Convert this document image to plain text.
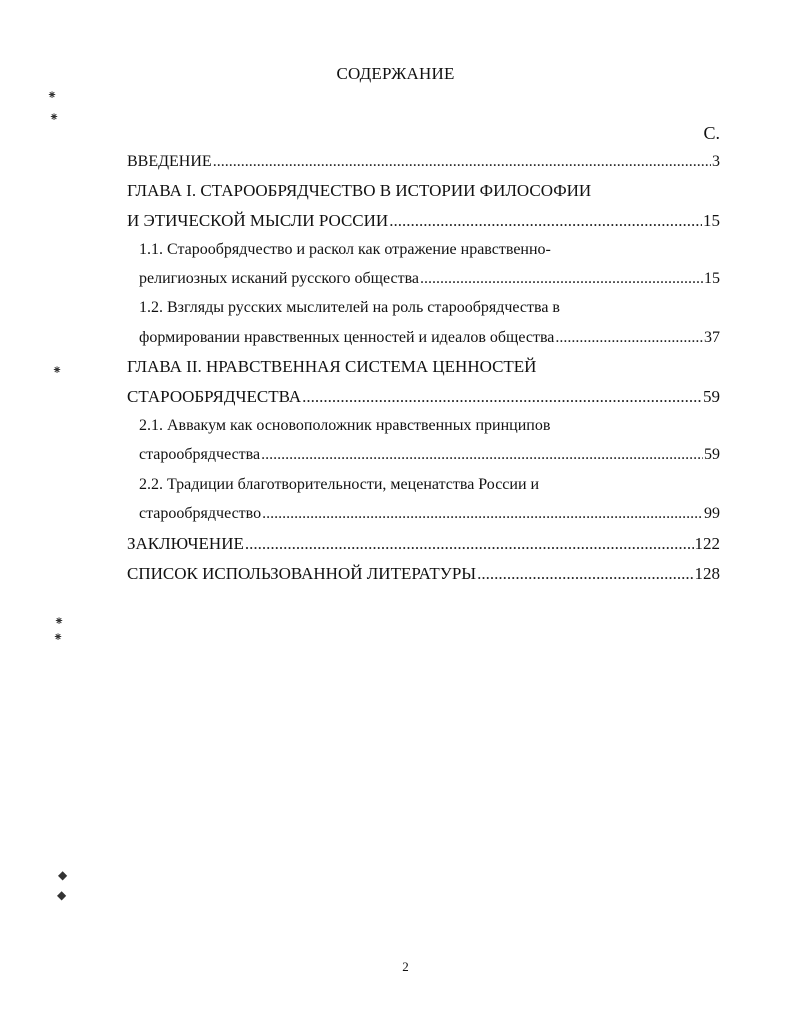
СОДЕРЖАНИЕ
С.
ВВЕДЕНИЕ .....	3
ГЛАВА I. СТАРООБРЯДЧЕСТВО В ИСТОРИИ ФИЛОСОФИИ
И ЭТИЧЕСКОЙ МЫСЛИ РОССИИ .....	15
1.1. Старообрядчество и раскол как отражение нравственно-
религиозных исканий русского общества .....	15
1.2. Взгляды русских мыслителей на роль старообрядчества в
формировании нравственных ценностей и идеалов общества .....	37
ГЛАВА II. НРАВСТВЕННАЯ СИСТЕМА ЦЕННОСТЕЙ
СТАРООБРЯДЧЕСТВА .....	59
2.1. Аввакум как основоположник нравственных принципов
старообрядчества .....	59
2.2. Традиции благотворительности, меценатства России и
старообрядчество .....	99
ЗАКЛЮЧЕНИЕ .....	122
СПИСОК ИСПОЛЬЗОВАННОЙ ЛИТЕРАТУРЫ .....	128
⁕
⁕
⁕
⁕
⁕
◆
◆
2
